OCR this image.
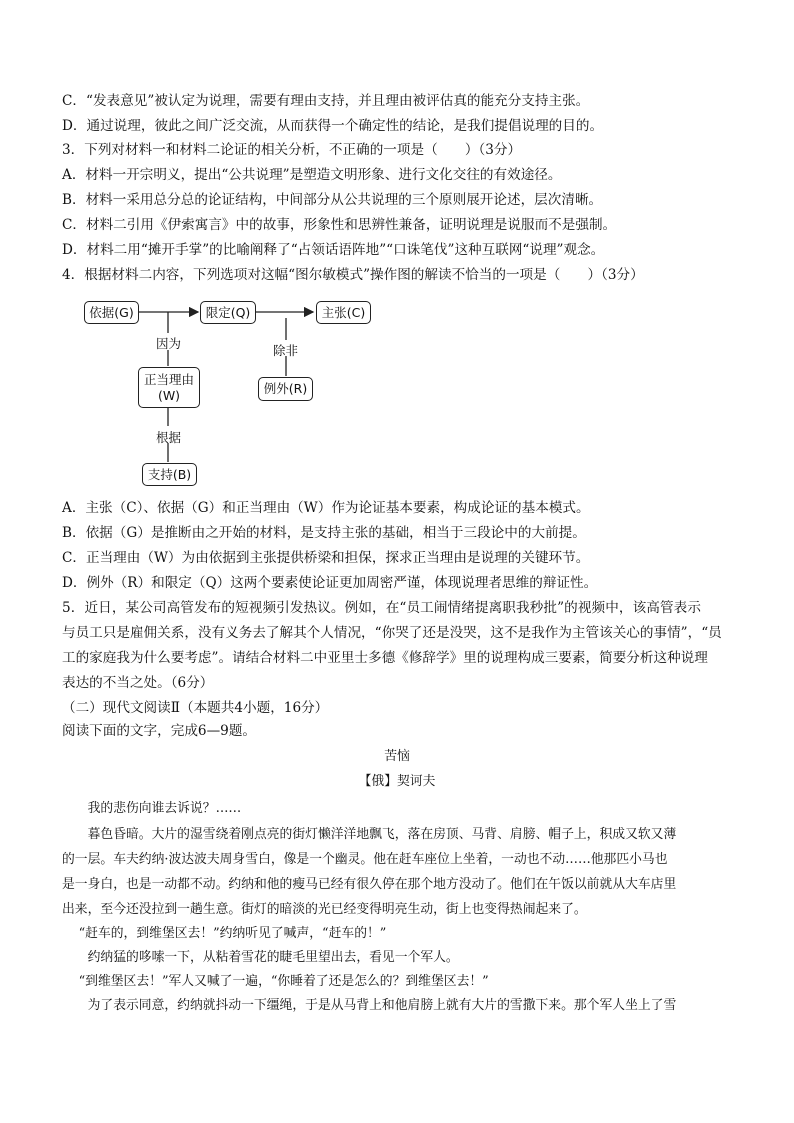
C．“发表意见”被认定为说理，需要有理由支持，并且理由被评估真的能充分支持主张。
D．通过说理，彼此之间广泛交流，从而获得一个确定性的结论，是我们提倡说理的目的。
3．下列对材料一和材料二论证的相关分析，不正确的一项是（　　）（3分）
A．材料一开宗明义，提出“公共说理”是塑造文明形象、进行文化交往的有效途径。
B．材料一采用总分总的论证结构，中间部分从公共说理的三个原则展开论述，层次清晰。
C．材料二引用《伊索寓言》中的故事，形象性和思辨性兼备，证明说理是说服而不是强制。
D．材料二用“摊开手掌”的比喻阐释了“占领话语阵地”“口诛笔伐”这种互联网“说理”观念。
4．根据材料二内容，下列选项对这幅“图尔敏模式”操作图的解读不恰当的一项是（　　）（3分）
依据(G)	限定(Q)	主张(C)
因为	除非
正当理由
(W)	例外(R)
根据
支持(B)
A．主张（C）、依据（G）和正当理由（W）作为论证基本要素，构成论证的基本模式。
B．依据（G）是推断由之开始的材料，是支持主张的基础，相当于三段论中的大前提。
C．正当理由（W）为由依据到主张提供桥梁和担保，探求正当理由是说理的关键环节。
D．例外（R）和限定（Q）这两个要素使论证更加周密严谨，体现说理者思维的辩证性。
5．近日，某公司高管发布的短视频引发热议。例如，在“员工闹情绪提离职我秒批”的视频中，该高管表示
与员工只是雇佣关系，没有义务去了解其个人情况，“你哭了还是没哭，这不是我作为主管该关心的事情”，“员
工的家庭我为什么要考虑”。请结合材料二中亚里士多德《修辞学》里的说理构成三要素，简要分析这种说理
表达的不当之处。（6分）
（二）现代文阅读Ⅱ（本题共4小题，16分）
阅读下面的文字，完成6—9题。
苦恼
【俄】契诃夫
我的悲伤向谁去诉说？……
暮色昏暗。大片的湿雪绕着刚点亮的街灯懒洋洋地飘飞，落在房顶、马背、肩膀、帽子上，积成又软又薄
的一层。车夫约纳·波达波夫周身雪白，像是一个幽灵。他在赶车座位上坐着，一动也不动……他那匹小马也
是一身白，也是一动都不动。约纳和他的瘦马已经有很久停在那个地方没动了。他们在午饭以前就从大车店里
出来，至今还没拉到一趟生意。街灯的暗淡的光已经变得明亮生动，街上也变得热闹起来了。
“赶车的，到维堡区去！”约纳听见了喊声，“赶车的！”
约纳猛的哆嗦一下，从粘着雪花的睫毛里望出去，看见一个军人。
“到维堡区去！”军人又喊了一遍，“你睡着了还是怎么的？到维堡区去！”
为了表示同意，约纳就抖动一下缰绳，于是从马背上和他肩膀上就有大片的雪撒下来。那个军人坐上了雪
